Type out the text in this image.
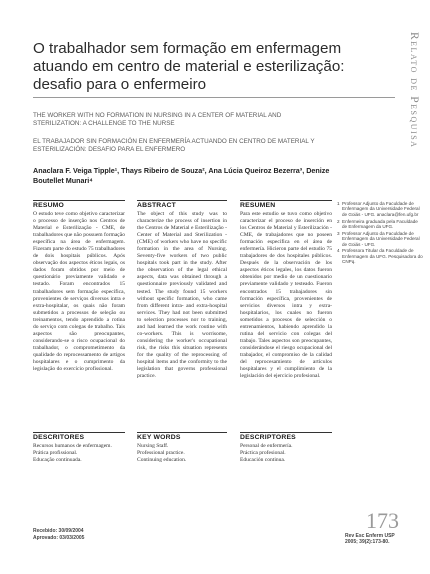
O trabalhador sem formação em enfermagem atuando em centro de material e esterilização: desafio para o enfermeiro	Relato de Pesquisa
THE WORKER WITH NO FORMATION IN NURSING IN A CENTER OF MATERIAL AND STERILIZATION: A CHALLENGE TO THE NURSE
EL TRABAJADOR SIN FORMACIÓN EN ENFERMERÍA ACTUANDO EN CENTRO DE MATERIAL Y ESTERILIZACIÓN: DESAFIO PARA EL ENFERMERO
Anaclara F. Veiga Tipple¹, Thays Ribeiro de Souza², Ana Lúcia Queiroz Bezerra³, Denize Boutellet Munari⁴
RESUMO

O estudo teve como objetivo caracterizar o processo de inserção nos Centros de Material e Esterilização - CME, de trabalhadores que não possuem formação específica na área de enfermagem. Fizeram parte do estudo 75 trabalhadores de dois hospitais públicos. Após observação dos aspectos éticos legais, os dados foram obtidos por meio de questionário previamente validado e testado. Foram encontrados 15 trabalhadores sem formação específica, provenientes de serviços diversos intra e extra-hospitalar, os quais não foram submetidos a processos de seleção ou treinamentos, tendo aprendido a rotina do serviço com colegas de trabalho. Tais aspectos são preocupantes, considerando-se o risco ocupacional do trabalhador, o comprometimento da qualidade do reprocessamento de artigos hospitalares e o cumprimento da legislação do exercício profissional.

ABSTRACT

The object of this study was to characterize the process of insertion in the Centros de Material e Esterilização - Center of Material and Sterilization - (CME) of workers who have no specific formation in the area of Nursing. Seventy-five workers of two public hospitals took part in the study. After the observation of the legal ethical aspects, data was obtained through a questionnaire previously validated and tested. The study found 15 workers without specific formation, who came from different intra- and extra-hospital services. They had not been submitted to selection processes nor to training, and had learned the work routine with co-workers. This is worrisome, considering the worker's occupational risk, the risks this situation represents for the quality of the reprocessing of hospital items and the conformity to the legislation that governs professional practice.

RESUMEN

Para este estudio se tuvo como objetivo caracterizar el proceso de inserción en los Centros de Material y Esterilización - CME, de trabajadores que no poseen formación específica en el área de enfermería. Hicieron parte del estudio 75 trabajadores de dos hospitales públicos. Después de la observación de los aspectos éticos legales, los datos fueron obtenidos por medio de un cuestionario previamente validado y testeado. Fueron encontrados 15 trabajadores sin formación específica, provenientes de servicios diversos intra y extra-hospitalarios, los cuales no fueron sometidos a procesos de selección o entrenamientos, habiendo aprendido la rutina del servicio con colegas del trabajo. Tales aspectos son preocupantes, considerándose el riesgo ocupacional del trabajador, el compromiso de la calidad del reprocesamiento de artículos hospitalares y el cumplimiento de la legislación del ejercicio profesional.

DESCRITORES
Recursos humanos de enfermagem.
Prática profissional.
Educação continuada.
KEY WORDS
Nursing Staff.
Professional practice.
Continuing education.
DESCRIPTORES
Personal de enfermería.
Práctica profesional.
Educación continua.
1 Professor Adjunto da Faculdade de Enfermagem da Universidade Federal de Goiás - UFG. anaclara@fen.ufg.br
2 Enfermeira graduada pela Faculdade de Enfermagem da UFG.
3 Professor Adjunto da Faculdade de Enfermagem da Universidade Federal de Goiás - UFG.
4 Professora Titular da Faculdade de Enfermagem da UFG. Pesquisadora do CNPq.
Recebido: 30/09/2004
Aprovado: 03/03/2005
173
Rev Esc Enferm USP
2005; 39(2):173-80.
